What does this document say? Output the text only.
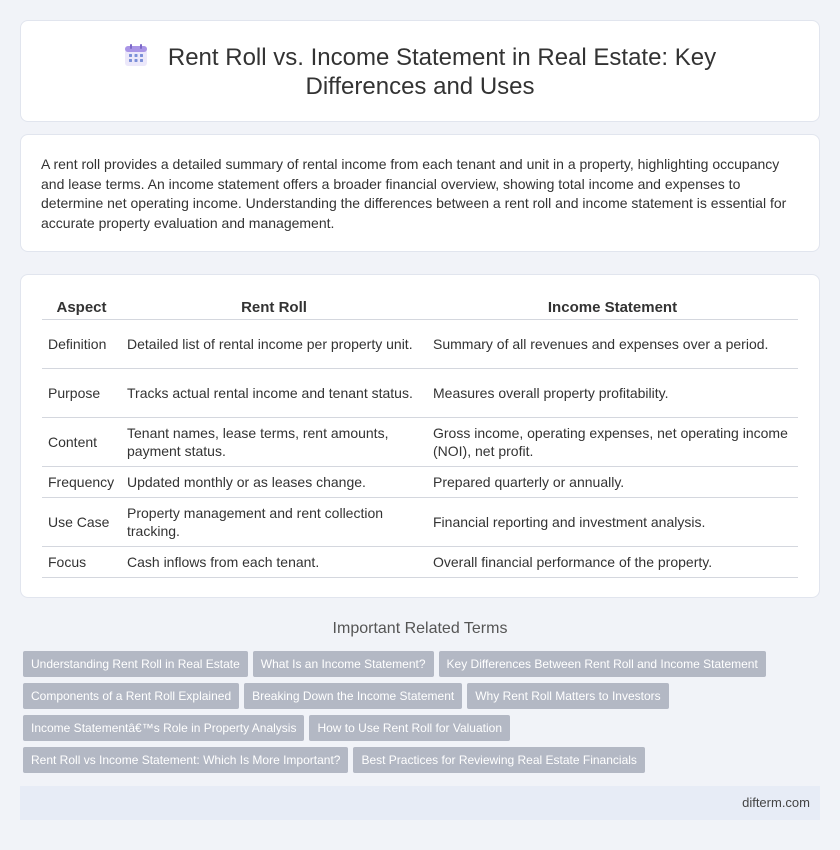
Rent Roll vs. Income Statement in Real Estate: Key Differences and Uses

A rent roll provides a detailed summary of rental income from each tenant and unit in a property, highlighting occupancy and lease terms. An income statement offers a broader financial overview, showing total income and expenses to determine net operating income. Understanding the differences between a rent roll and income statement is essential for accurate property evaluation and management.

Aspect	Rent Roll	Income Statement
Definition	Detailed list of rental income per property unit.	Summary of all revenues and expenses over a period.
Purpose	Tracks actual rental income and tenant status.	Measures overall property profitability.
Content	Tenant names, lease terms, rent amounts, payment status.	Gross income, operating expenses, net operating income (NOI), net profit.
Frequency	Updated monthly or as leases change.	Prepared quarterly or annually.
Use Case	Property management and rent collection tracking.	Financial reporting and investment analysis.
Focus	Cash inflows from each tenant.	Overall financial performance of the property.
Important Related Terms
Understanding Rent Roll in Real Estate What Is an Income Statement? Key Differences Between Rent Roll and Income Statement
Components of a Rent Roll Explained Breaking Down the Income Statement Why Rent Roll Matters to Investors
Income Statementâ€™s Role in Property Analysis How to Use Rent Roll for Valuation
Rent Roll vs Income Statement: Which Is More Important? Best Practices for Reviewing Real Estate Financials
difterm.com
